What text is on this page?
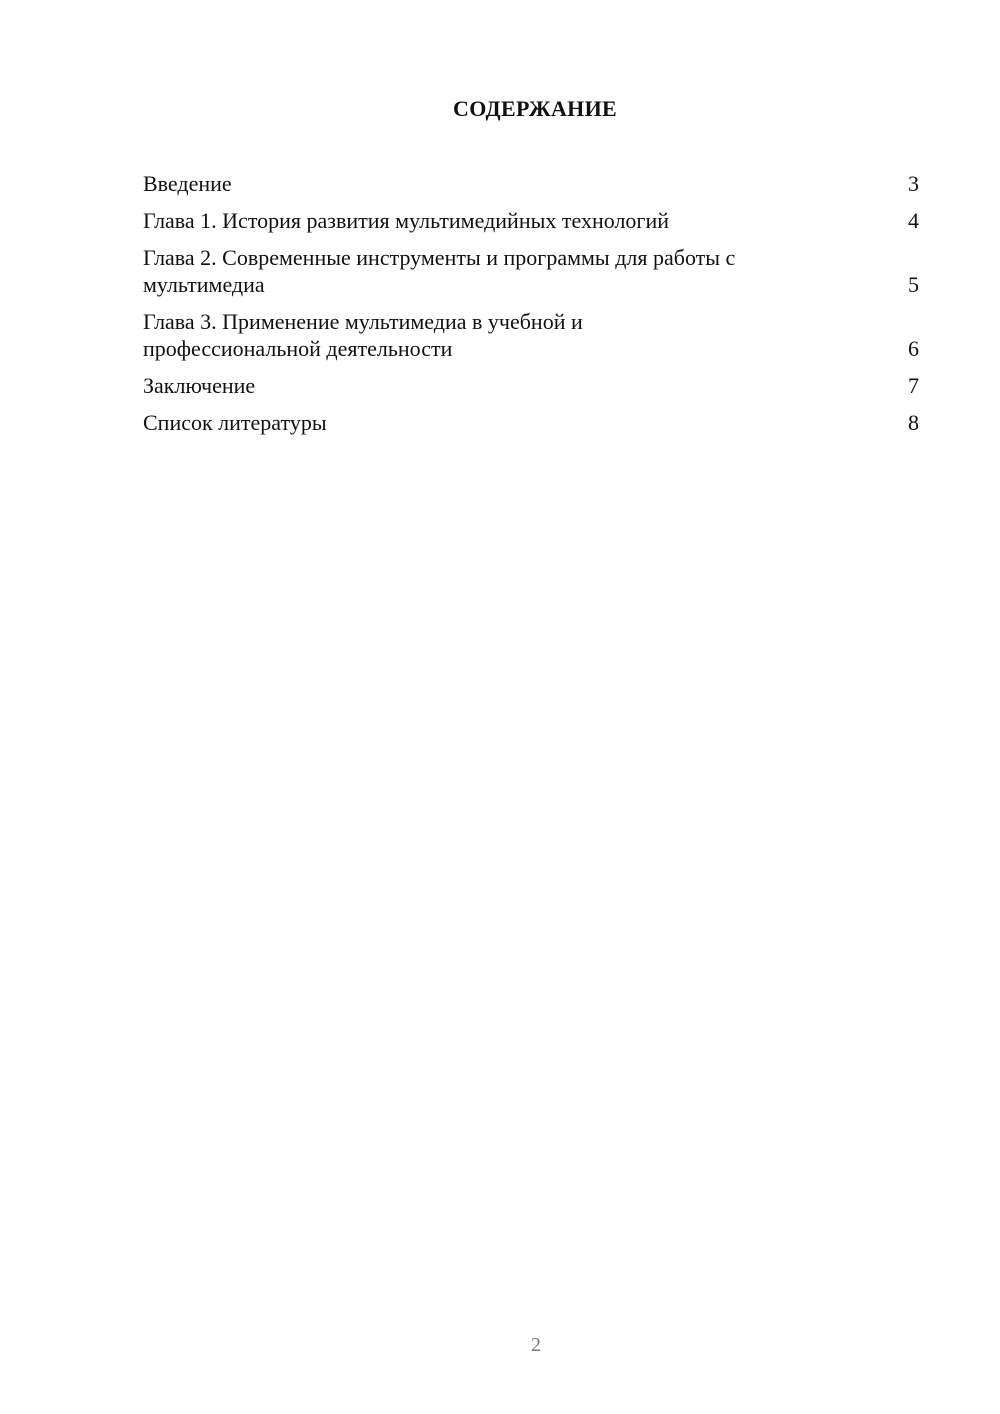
СОДЕРЖАНИЕ
Введение	3
Глава 1. История развития мультимедийных технологий	4
Глава 2. Современные инструменты и программы для работы с
мультимедиа	5
Глава 3. Применение мультимедиа в учебной и
профессиональной деятельности	6
Заключение	7
Список литературы	8
2
